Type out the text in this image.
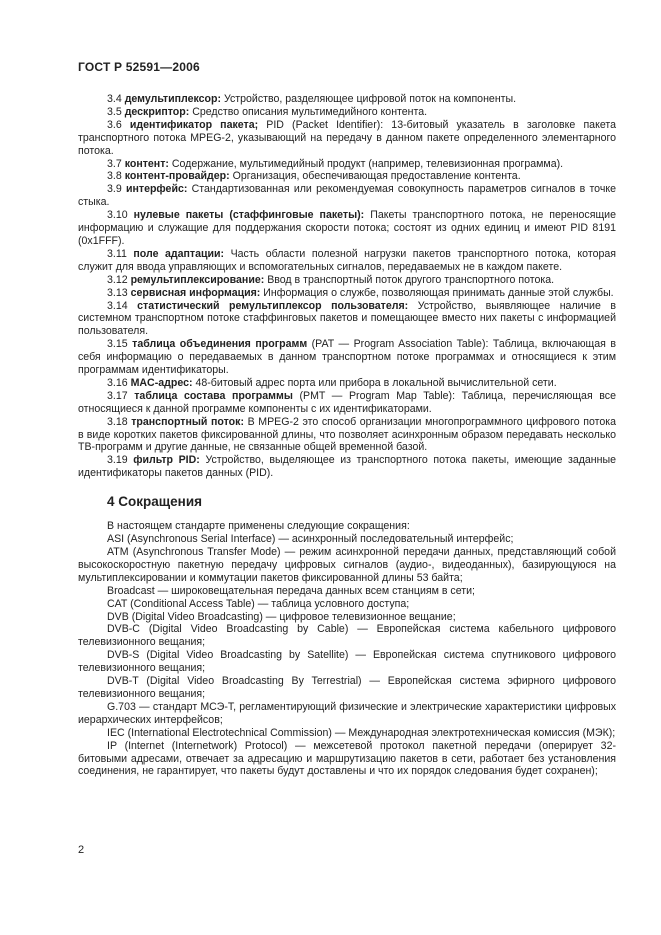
ГОСТ Р 52591—2006

3.4 демультиплексор: Устройство, разделяющее цифровой поток на компоненты.

3.5 дескриптор: Средство описания мультимедийного контента.

3.6 идентификатор пакета; PID (Packet Identifier): 13-битовый указатель в заголовке пакета транспортного потока MPEG-2, указывающий на передачу в данном пакете определенного элементарного потока.

3.7 контент: Содержание, мультимедийный продукт (например, телевизионная программа).

3.8 контент-провайдер: Организация, обеспечивающая предоставление контента.

3.9 интерфейс: Стандартизованная или рекомендуемая совокупность параметров сигналов в точке стыка.

3.10 нулевые пакеты (стаффинговые пакеты): Пакеты транспортного потока, не переносящие информацию и служащие для поддержания скорости потока; состоят из одних единиц и имеют PID 8191 (0x1FFF).

3.11 поле адаптации: Часть области полезной нагрузки пакетов транспортного потока, которая служит для ввода управляющих и вспомогательных сигналов, передаваемых не в каждом пакете.

3.12 ремультиплексирование: Ввод в транспортный поток другого транспортного потока.

3.13 сервисная информация: Информация о службе, позволяющая принимать данные этой службы.

3.14 статистический ремультиплексор пользователя: Устройство, выявляющее наличие в системном транспортном потоке стаффинговых пакетов и помещающее вместо них пакеты с информацией пользователя.

3.15 таблица объединения программ (PAT — Program Association Table): Таблица, включающая в себя информацию о передаваемых в данном транспортном потоке программах и относящиеся к этим программам идентификаторы.

3.16 MAC-адрес: 48-битовый адрес порта или прибора в локальной вычислительной сети.

3.17 таблица состава программы (PMT — Program Map Table): Таблица, перечисляющая все относящиеся к данной программе компоненты с их идентификаторами.

3.18 транспортный поток: В MPEG-2 это способ организации многопрограммного цифрового потока в виде коротких пакетов фиксированной длины, что позволяет асинхронным образом передавать несколько ТВ-программ и другие данные, не связанные общей временной базой.

3.19 фильтр PID: Устройство, выделяющее из транспортного потока пакеты, имеющие заданные идентификаторы пакетов данных (PID).

4 Сокращения

В настоящем стандарте применены следующие сокращения:

ASI (Asynchronous Serial Interface) — асинхронный последовательный интерфейс;

ATM (Asynchronous Transfer Mode) — режим асинхронной передачи данных, представляющий собой высокоскоростную пакетную передачу цифровых сигналов (аудио-, видеоданных), базирующуюся на мультиплексировании и коммутации пакетов фиксированной длины 53 байта;

Broadcast — широковещательная передача данных всем станциям в сети;

CAT (Conditional Access Table) — таблица условного доступа;

DVB (Digital Video Broadcasting) — цифровое телевизионное вещание;

DVB-C (Digital Video Broadcasting by Cable) — Европейская система кабельного цифрового телевизионного вещания;

DVB-S (Digital Video Broadcasting by Satellite) — Европейская система спутникового цифрового телевизионного вещания;

DVB-T (Digital Video Broadcasting By Terrestrial) — Европейская система эфирного цифрового телевизионного вещания;

G.703 — стандарт МСЭ-Т, регламентирующий физические и электрические характеристики цифровых иерархических интерфейсов;

IEC (International Electrotechnical Commission) — Международная электротехническая комиссия (МЭК);

IP (Internet (Internetwork) Protocol) — межсетевой протокол пакетной передачи (оперирует 32-битовыми адресами, отвечает за адресацию и маршрутизацию пакетов в сети, работает без установления соединения, не гарантирует, что пакеты будут доставлены и что их порядок следования будет сохранен);

2
